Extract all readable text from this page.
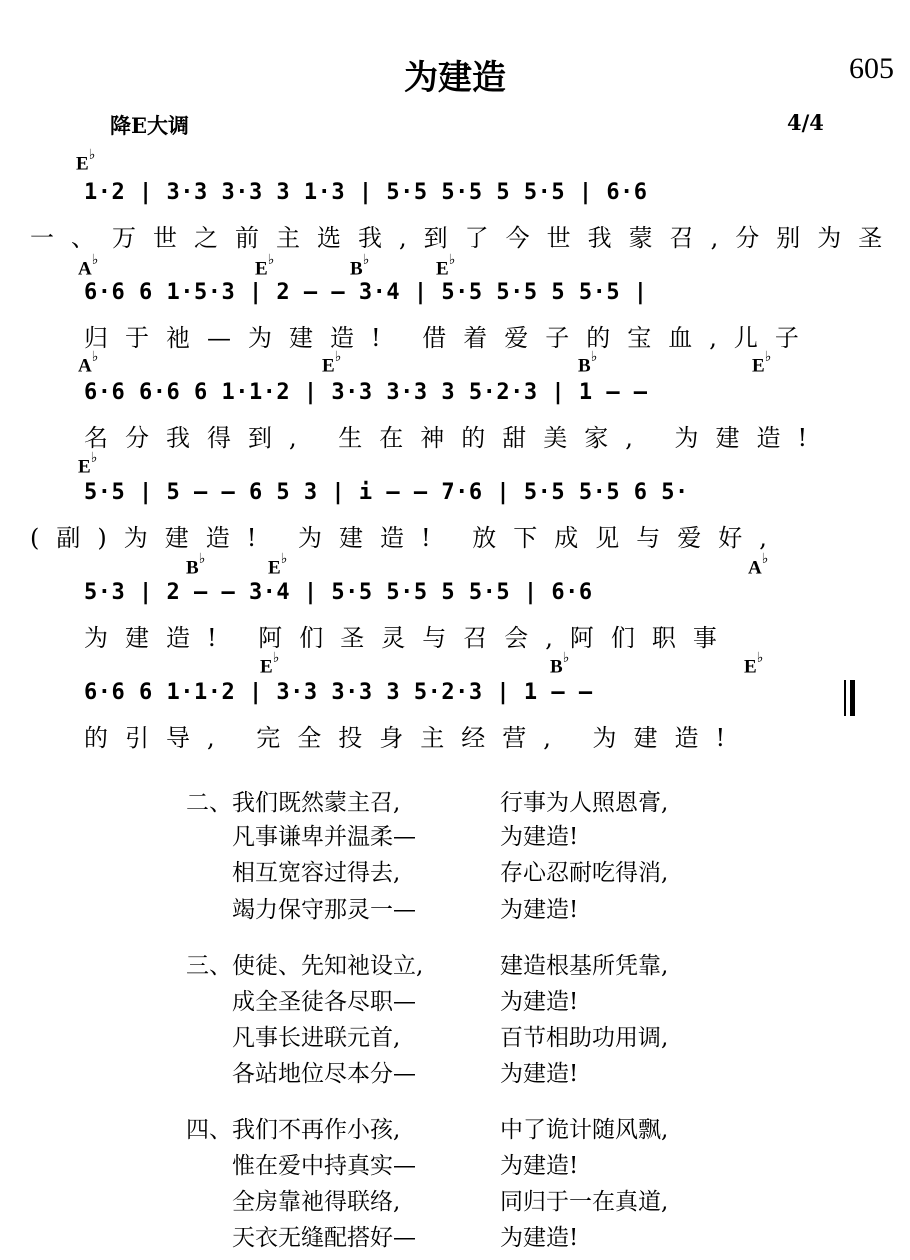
为建造	605
降E大调	4/4
E♭
1·2 | 3·3 3·3 3 1·3 | 5·5 5·5 5 5·5 | 6·6
一、万世之前主选我,到了今世我蒙召,分别为圣
A♭	E♭	B♭	E♭
6·6 6 1·5·3 | 2 — — 3·4 | 5·5 5·5 5 5·5 |
归于祂—为建造! 借着爱子的宝血,儿子
A♭	E♭	B♭	E♭
6·6 6·6 6 1·1·2 | 3·3 3·3 3 5·2·3 | 1 — —
名分我得到, 生在神的甜美家, 为建造!
E♭
5·5 | 5 — — 6 5 3 | i — — 7·6 | 5·5 5·5 6 5·
(副)为建造! 为建造! 放下成见与爱好,
B♭	E♭	A♭
5·3 | 2 — — 3·4 | 5·5 5·5 5 5·5 | 6·6
为建造! 阿们圣灵与召会,阿们职事
E♭	B♭	E♭
6·6 6 1·1·2 | 3·3 3·3 3 5·2·3 | 1 — —
的引导, 完全投身主经营, 为建造!
二、 我们既然蒙主召,	行事为人照恩膏,
凡事谦卑并温柔—	为建造!
相互宽容过得去,	存心忍耐吃得消,
竭力保守那灵一—	为建造!
三、 使徒、先知祂设立,	建造根基所凭靠,
成全圣徒各尽职—	为建造!
凡事长进联元首,	百节相助功用调,
各站地位尽本分—	为建造!
四、 我们不再作小孩,	中了诡计随风飘,
惟在爱中持真实—	为建造!
全房靠祂得联络,	同归于一在真道,
天衣无缝配搭好—	为建造!
